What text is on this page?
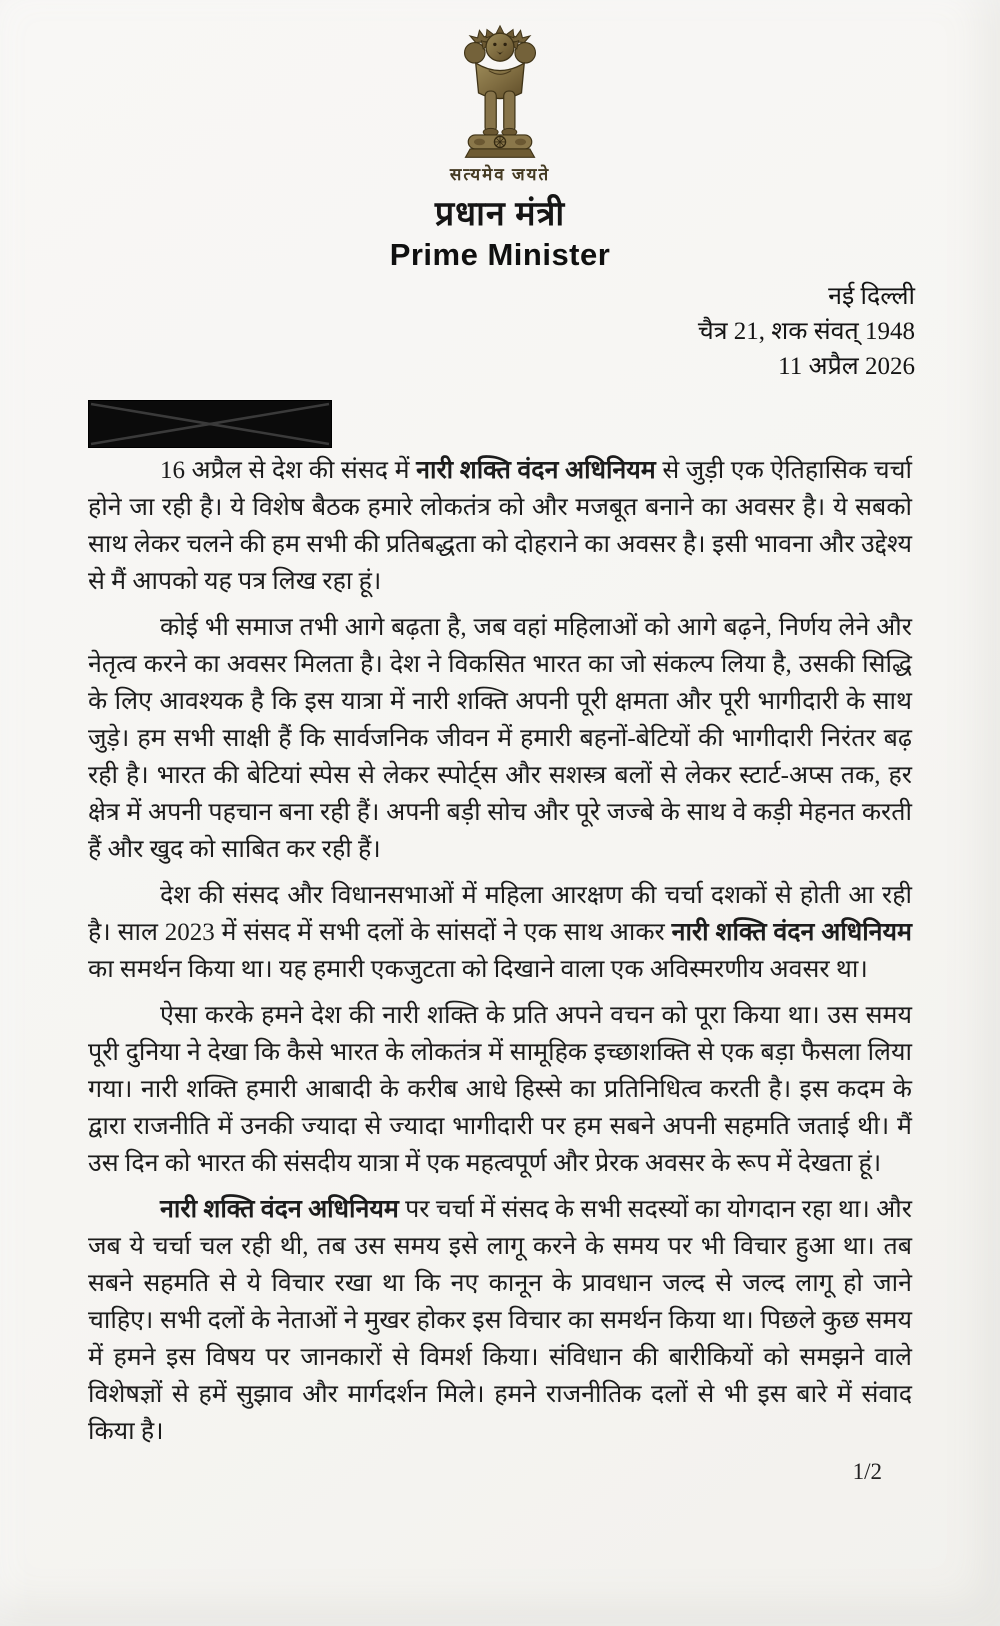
सत्यमेव जयते
प्रधान मंत्री
Prime Minister
नई दिल्ली
चैत्र 21, शक संवत् 1948
11 अप्रैल 2026

16 अप्रैल से देश की संसद में नारी शक्ति वंदन अधिनियम से जुड़ी एक ऐतिहासिक चर्चा होने जा रही है। ये विशेष बैठक हमारे लोकतंत्र को और मजबूत बनाने का अवसर है। ये सबको साथ लेकर चलने की हम सभी की प्रतिबद्धता को दोहराने का अवसर है। इसी भावना और उद्देश्य से मैं आपको यह पत्र लिख रहा हूं।

कोई भी समाज तभी आगे बढ़ता है, जब वहां महिलाओं को आगे बढ़ने, निर्णय लेने और नेतृत्व करने का अवसर मिलता है। देश ने विकसित भारत का जो संकल्प लिया है, उसकी सिद्धि के लिए आवश्यक है कि इस यात्रा में नारी शक्ति अपनी पूरी क्षमता और पूरी भागीदारी के साथ जुड़े। हम सभी साक्षी हैं कि सार्वजनिक जीवन में हमारी बहनों-बेटियों की भागीदारी निरंतर बढ़ रही है। भारत की बेटियां स्पेस से लेकर स्पोर्ट्स और सशस्त्र बलों से लेकर स्टार्ट-अप्स तक, हर क्षेत्र में अपनी पहचान बना रही हैं। अपनी बड़ी सोच और पूरे जज्बे के साथ वे कड़ी मेहनत करती हैं और खुद को साबित कर रही हैं।

देश की संसद और विधानसभाओं में महिला आरक्षण की चर्चा दशकों से होती आ रही है। साल 2023 में संसद में सभी दलों के सांसदों ने एक साथ आकर नारी शक्ति वंदन अधिनियम का समर्थन किया था। यह हमारी एकजुटता को दिखाने वाला एक अविस्मरणीय अवसर था।

ऐसा करके हमने देश की नारी शक्ति के प्रति अपने वचन को पूरा किया था। उस समय पूरी दुनिया ने देखा कि कैसे भारत के लोकतंत्र में सामूहिक इच्छाशक्ति से एक बड़ा फैसला लिया गया। नारी शक्ति हमारी आबादी के करीब आधे हिस्से का प्रतिनिधित्व करती है। इस कदम के द्वारा राजनीति में उनकी ज्यादा से ज्यादा भागीदारी पर हम सबने अपनी सहमति जताई थी। मैं उस दिन को भारत की संसदीय यात्रा में एक महत्वपूर्ण और प्रेरक अवसर के रूप में देखता हूं।

नारी शक्ति वंदन अधिनियम पर चर्चा में संसद के सभी सदस्यों का योगदान रहा था। और जब ये चर्चा चल रही थी, तब उस समय इसे लागू करने के समय पर भी विचार हुआ था। तब सबने सहमति से ये विचार रखा था कि नए कानून के प्रावधान जल्द से जल्द लागू हो जाने चाहिए। सभी दलों के नेताओं ने मुखर होकर इस विचार का समर्थन किया था। पिछले कुछ समय में हमने इस विषय पर जानकारों से विमर्श किया। संविधान की बारीकियों को समझने वाले विशेषज्ञों से हमें सुझाव और मार्गदर्शन मिले। हमने राजनीतिक दलों से भी इस बारे में संवाद किया है।

1/2
